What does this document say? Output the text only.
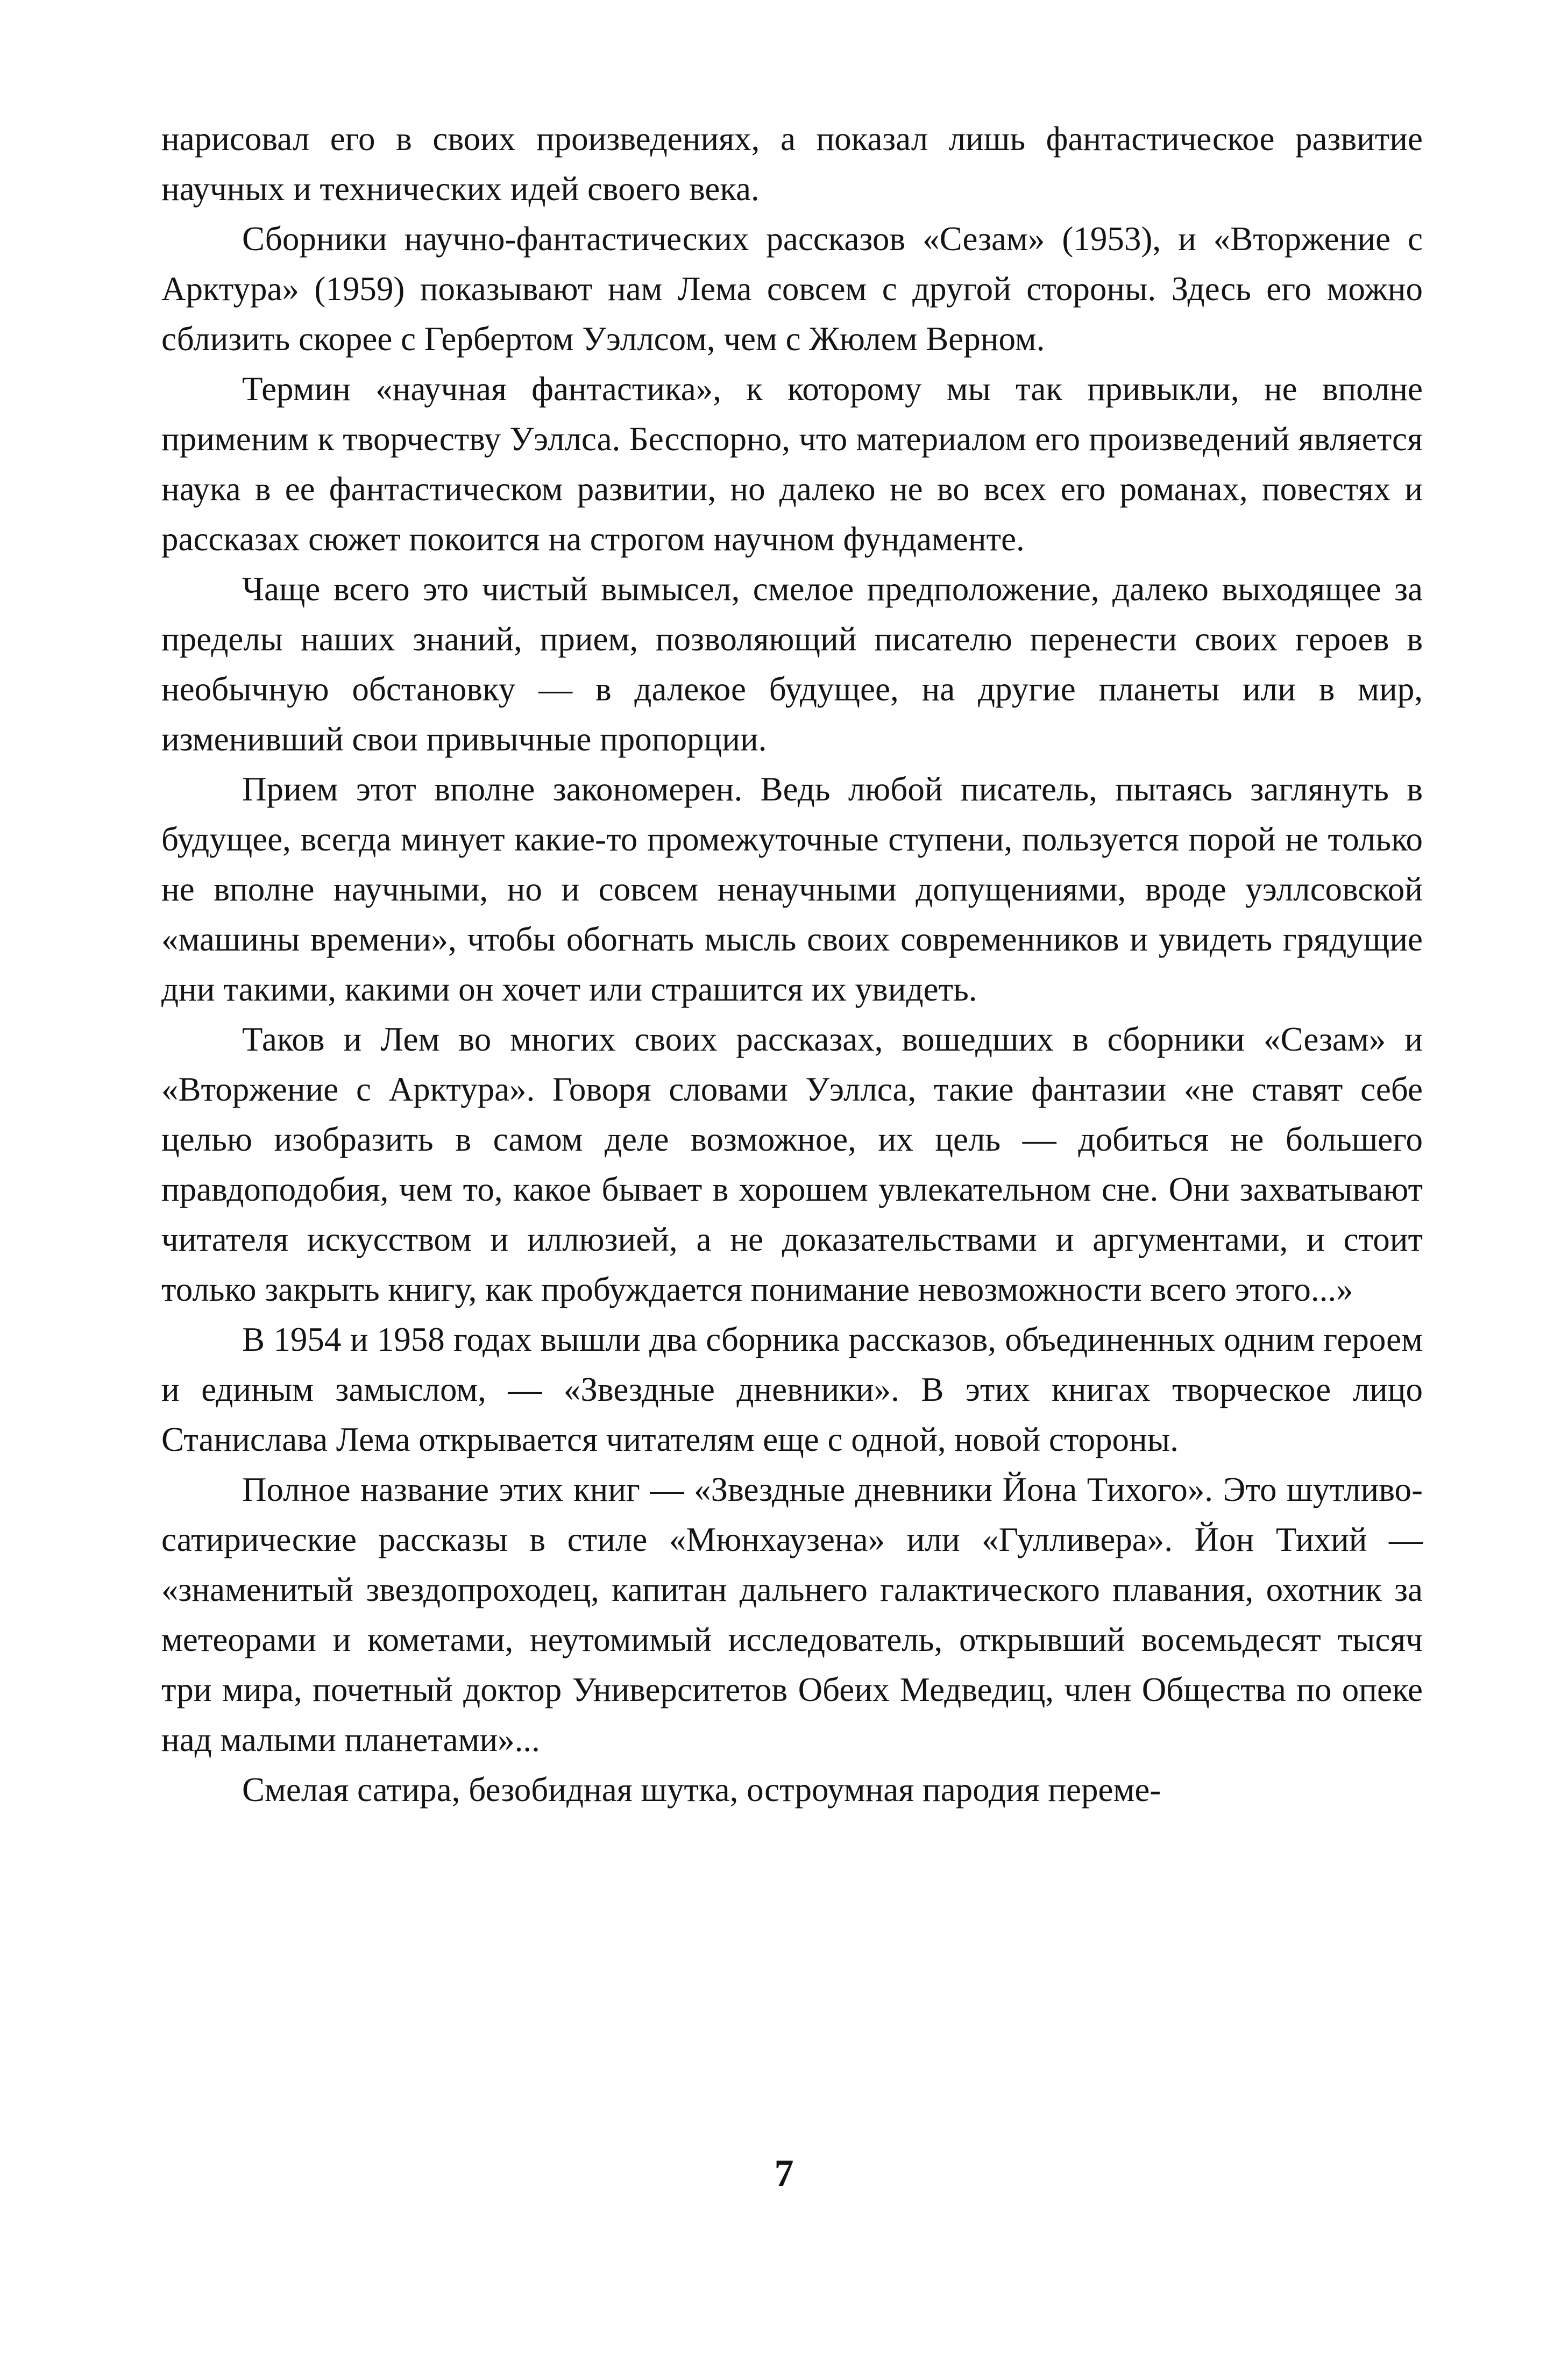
нарисовал его в своих произведениях, а показал лишь фантастическое развитие научных и технических идей своего века.

Сборники научно-фантастических рассказов «Сезам» (1953), и «Вторжение с Арктура» (1959) показывают нам Лема совсем с другой стороны. Здесь его можно сблизить скорее с Гербертом Уэллсом, чем с Жюлем Верном.

Термин «научная фантастика», к которому мы так привыкли, не вполне применим к творчеству Уэллса. Бесспорно, что материалом его произведений является наука в ее фантастическом развитии, но далеко не во всех его романах, повестях и рассказах сюжет покоится на строгом научном фундаменте.

Чаще всего это чистый вымысел, смелое предположение, далеко выходящее за пределы наших знаний, прием, позволяющий писателю перенести своих героев в необычную обстановку — в далекое будущее, на другие планеты или в мир, изменивший свои привычные пропорции.

Прием этот вполне закономерен. Ведь любой писатель, пытаясь заглянуть в будущее, всегда минует какие-то промежуточные ступени, пользуется порой не только не вполне научными, но и совсем ненаучными допущениями, вроде уэллсовской «машины времени», чтобы обогнать мысль своих современников и увидеть грядущие дни такими, какими он хочет или страшится их увидеть.

Таков и Лем во многих своих рассказах, вошедших в сборники «Сезам» и «Вторжение с Арктура». Говоря словами Уэллса, такие фантазии «не ставят себе целью изобразить в самом деле возможное, их цель — добиться не большего правдоподобия, чем то, какое бывает в хорошем увлекательном сне. Они захватывают читателя искусством и иллюзией, а не доказательствами и аргументами, и стоит только закрыть книгу, как пробуждается понимание невозможности всего этого...»

В 1954 и 1958 годах вышли два сборника рассказов, объединенных одним героем и единым замыслом, — «Звездные дневники». В этих книгах творческое лицо Станислава Лема открывается читателям еще с одной, новой стороны.

Полное название этих книг — «Звездные дневники Йона Тихого». Это шутливо-сатирические рассказы в стиле «Мюнхаузена» или «Гулливера». Йон Тихий — «знаменитый звездопроходец, капитан дальнего галактического плавания, охотник за метеорами и кометами, неутомимый исследователь, открывший восемьдесят тысяч три мира, почетный доктор Университетов Обеих Медведиц, член Общества по опеке над малыми планетами»...

Смелая сатира, безобидная шутка, остроумная пародия переме-

7
